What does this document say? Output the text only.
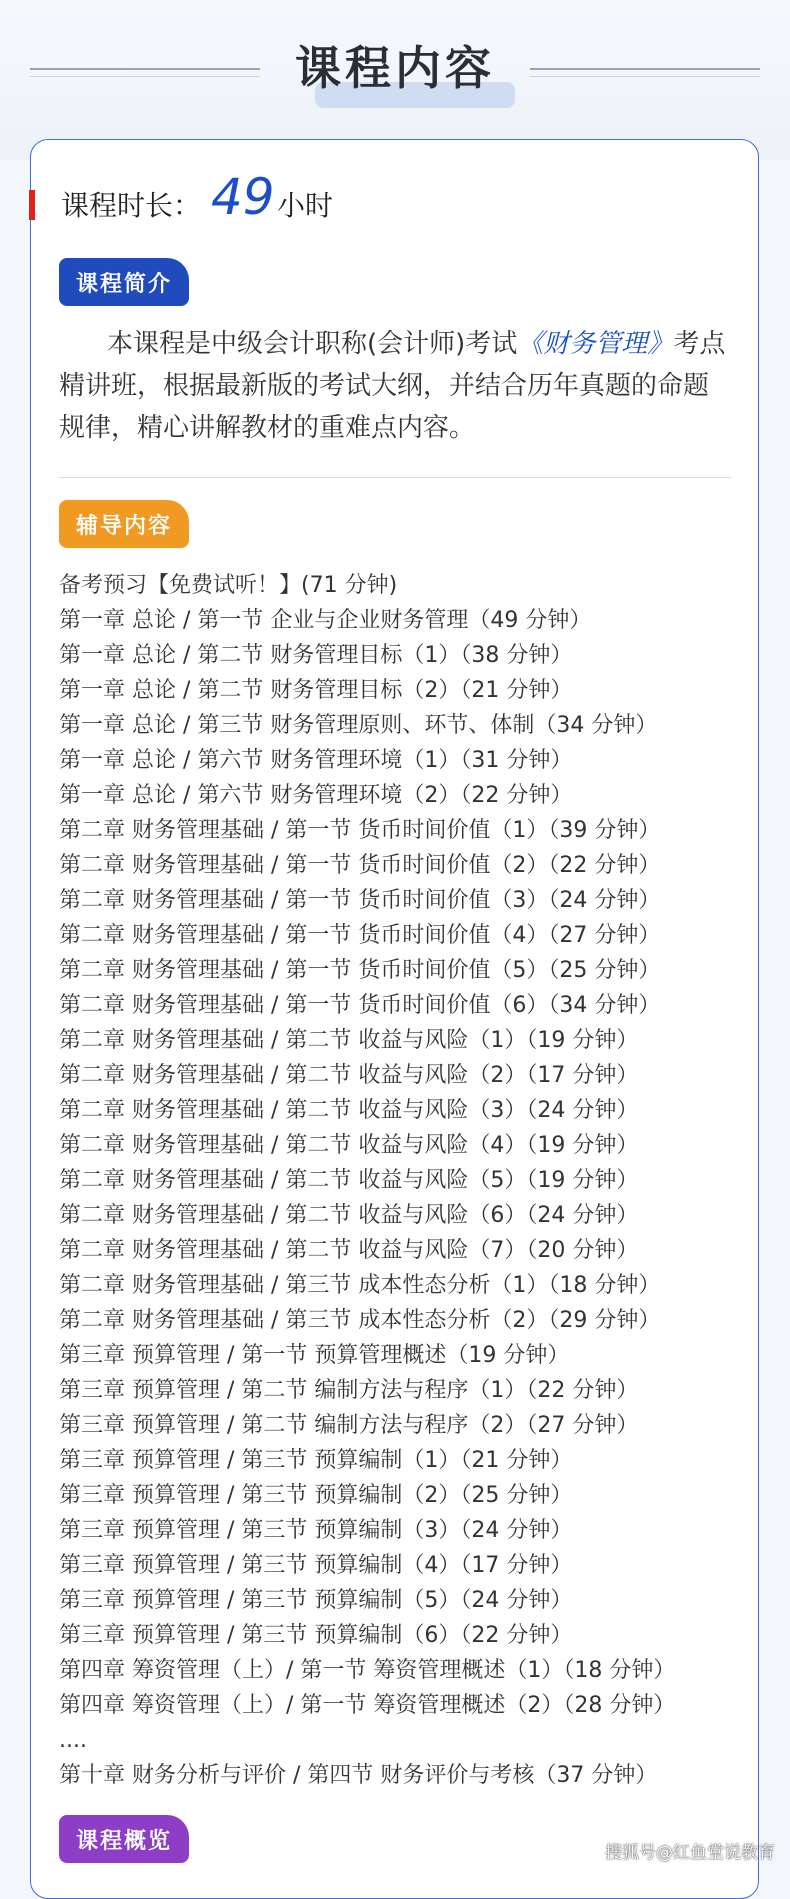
课程内容
课程时长： 49 小时
课程简介
本课程是中级会计职称(会计师)考试《财务管理》考点精讲班，根据最新版的考试大纲，并结合历年真题的命题规律，精心讲解教材的重难点内容。
辅导内容
备考预习【免费试听！】(71 分钟)
第一章 总论 / 第一节 企业与企业财务管理（49 分钟）
第一章 总论 / 第二节 财务管理目标（1）（38 分钟）
第一章 总论 / 第二节 财务管理目标（2）（21 分钟）
第一章 总论 / 第三节 财务管理原则、环节、体制（34 分钟）
第一章 总论 / 第六节 财务管理环境（1）（31 分钟）
第一章 总论 / 第六节 财务管理环境（2）（22 分钟）
第二章 财务管理基础 / 第一节 货币时间价值（1）（39 分钟）
第二章 财务管理基础 / 第一节 货币时间价值（2）（22 分钟）
第二章 财务管理基础 / 第一节 货币时间价值（3）（24 分钟）
第二章 财务管理基础 / 第一节 货币时间价值（4）（27 分钟）
第二章 财务管理基础 / 第一节 货币时间价值（5）（25 分钟）
第二章 财务管理基础 / 第一节 货币时间价值（6）（34 分钟）
第二章 财务管理基础 / 第二节 收益与风险（1）（19 分钟）
第二章 财务管理基础 / 第二节 收益与风险（2）（17 分钟）
第二章 财务管理基础 / 第二节 收益与风险（3）（24 分钟）
第二章 财务管理基础 / 第二节 收益与风险（4）（19 分钟）
第二章 财务管理基础 / 第二节 收益与风险（5）（19 分钟）
第二章 财务管理基础 / 第二节 收益与风险（6）（24 分钟）
第二章 财务管理基础 / 第二节 收益与风险（7）（20 分钟）
第二章 财务管理基础 / 第三节 成本性态分析（1）（18 分钟）
第二章 财务管理基础 / 第三节 成本性态分析（2）（29 分钟）
第三章 预算管理 / 第一节 预算管理概述（19 分钟）
第三章 预算管理 / 第二节 编制方法与程序（1）（22 分钟）
第三章 预算管理 / 第二节 编制方法与程序（2）（27 分钟）
第三章 预算管理 / 第三节 预算编制（1）（21 分钟）
第三章 预算管理 / 第三节 预算编制（2）（25 分钟）
第三章 预算管理 / 第三节 预算编制（3）（24 分钟）
第三章 预算管理 / 第三节 预算编制（4）（17 分钟）
第三章 预算管理 / 第三节 预算编制（5）（24 分钟）
第三章 预算管理 / 第三节 预算编制（6）（22 分钟）
第四章 筹资管理（上）/ 第一节 筹资管理概述（1）（18 分钟）
第四章 筹资管理（上）/ 第一节 筹资管理概述（2）（28 分钟）
....
第十章 财务分析与评价 / 第四节 财务评价与考核（37 分钟）
课程概览	搜狐号@红鱼堂说教育
